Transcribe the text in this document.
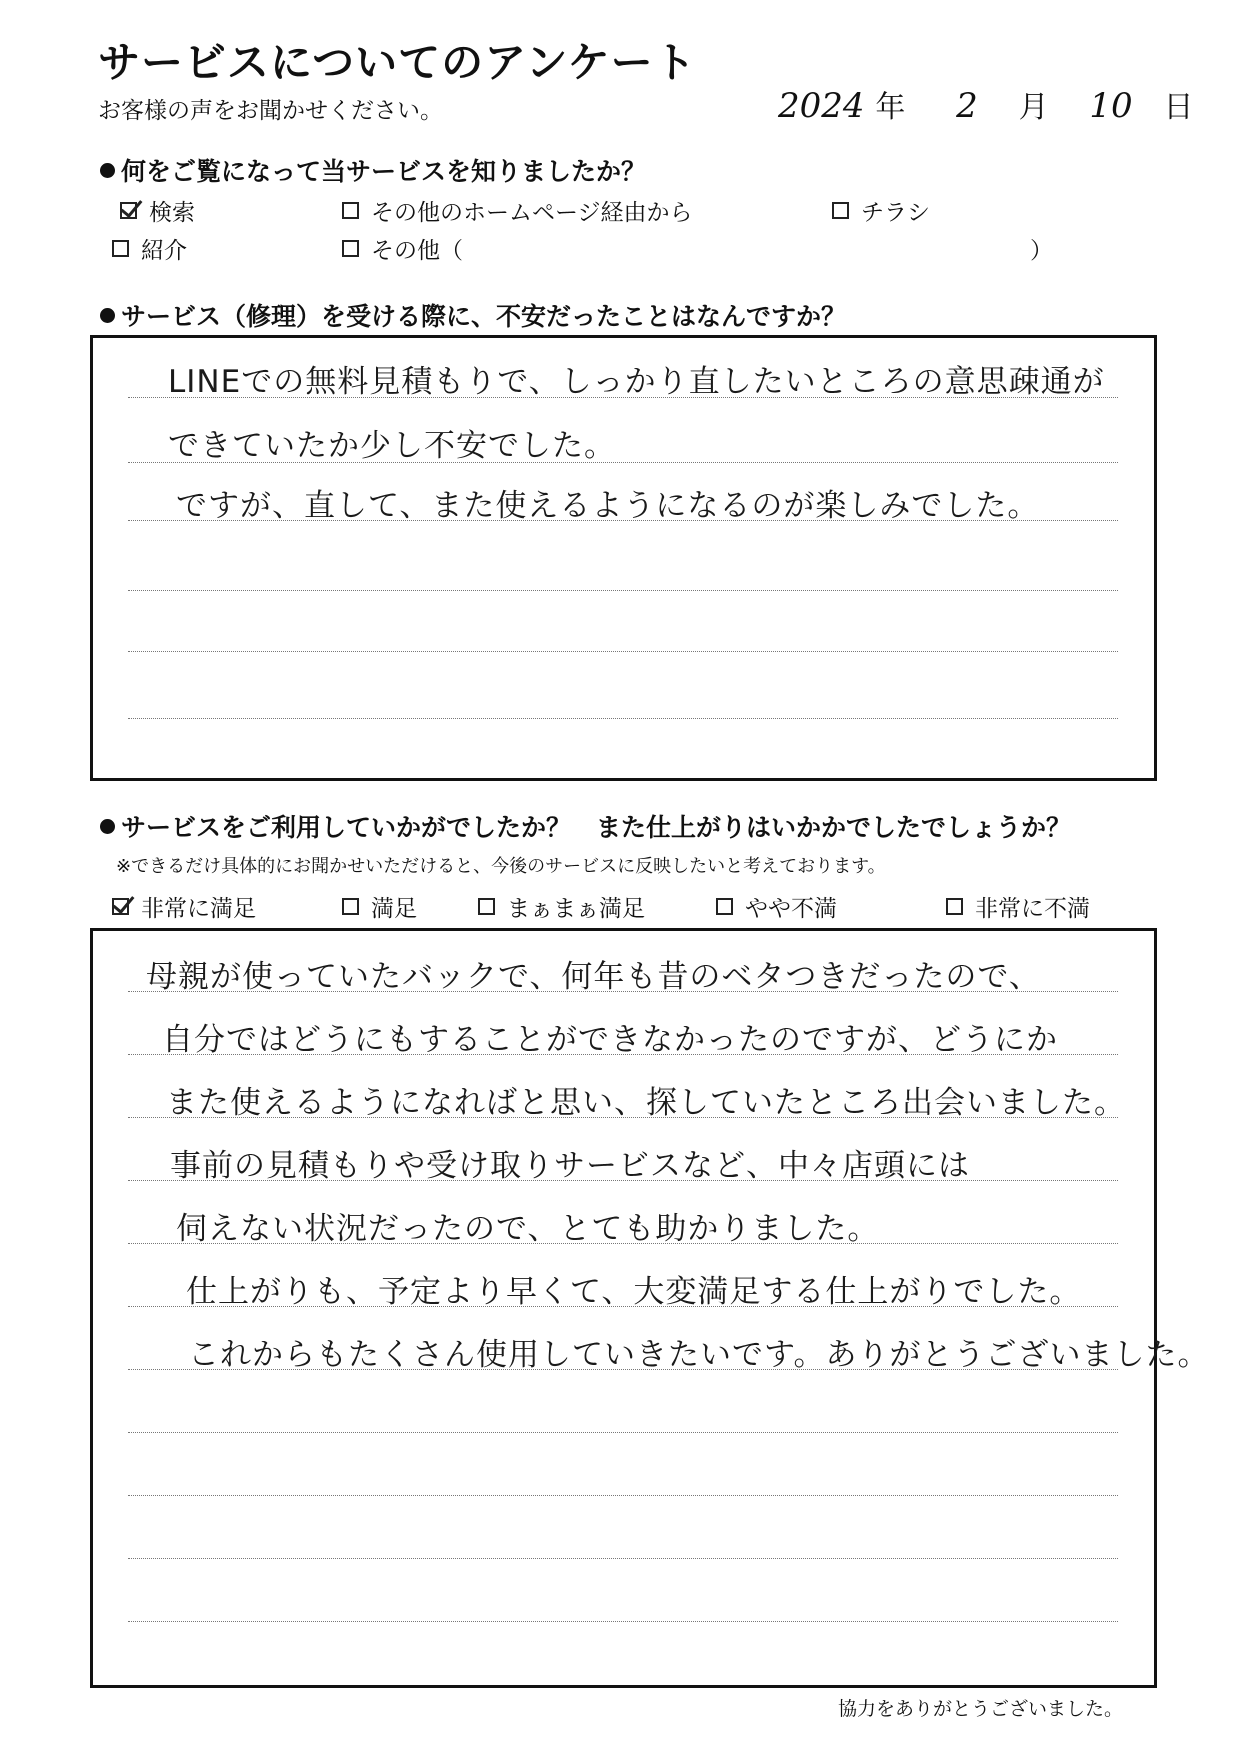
サービスについてのアンケート
お客様の声をお聞かせください。	2024 年 2 月 10 日
何をご覧になって当サービスを知りましたか？
検索	その他のホームページ経由から	チラシ
紹介	その他（	）
サービス（修理）を受ける際に、不安だったことはなんですか？
LINEでの無料見積もりで、しっかり直したいところの意思疎通が
できていたか少し不安でした。
ですが、直して、また使えるようになるのが楽しみでした。
サービスをご利用していかがでしたか？　また仕上がりはいかかでしたでしょうか？
※できるだけ具体的にお聞かせいただけると、今後のサービスに反映したいと考えております。
非常に満足	満足	まぁまぁ満足	やや不満	非常に不満
母親が使っていたバックで、何年も昔のベタつきだったので、
自分ではどうにもすることができなかったのですが、どうにか
また使えるようになればと思い、探していたところ出会いました。
事前の見積もりや受け取りサービスなど、中々店頭には
伺えない状況だったので、とても助かりました。
仕上がりも、予定より早くて、大変満足する仕上がりでした。
これからもたくさん使用していきたいです。ありがとうございました。
協力をありがとうございました。
